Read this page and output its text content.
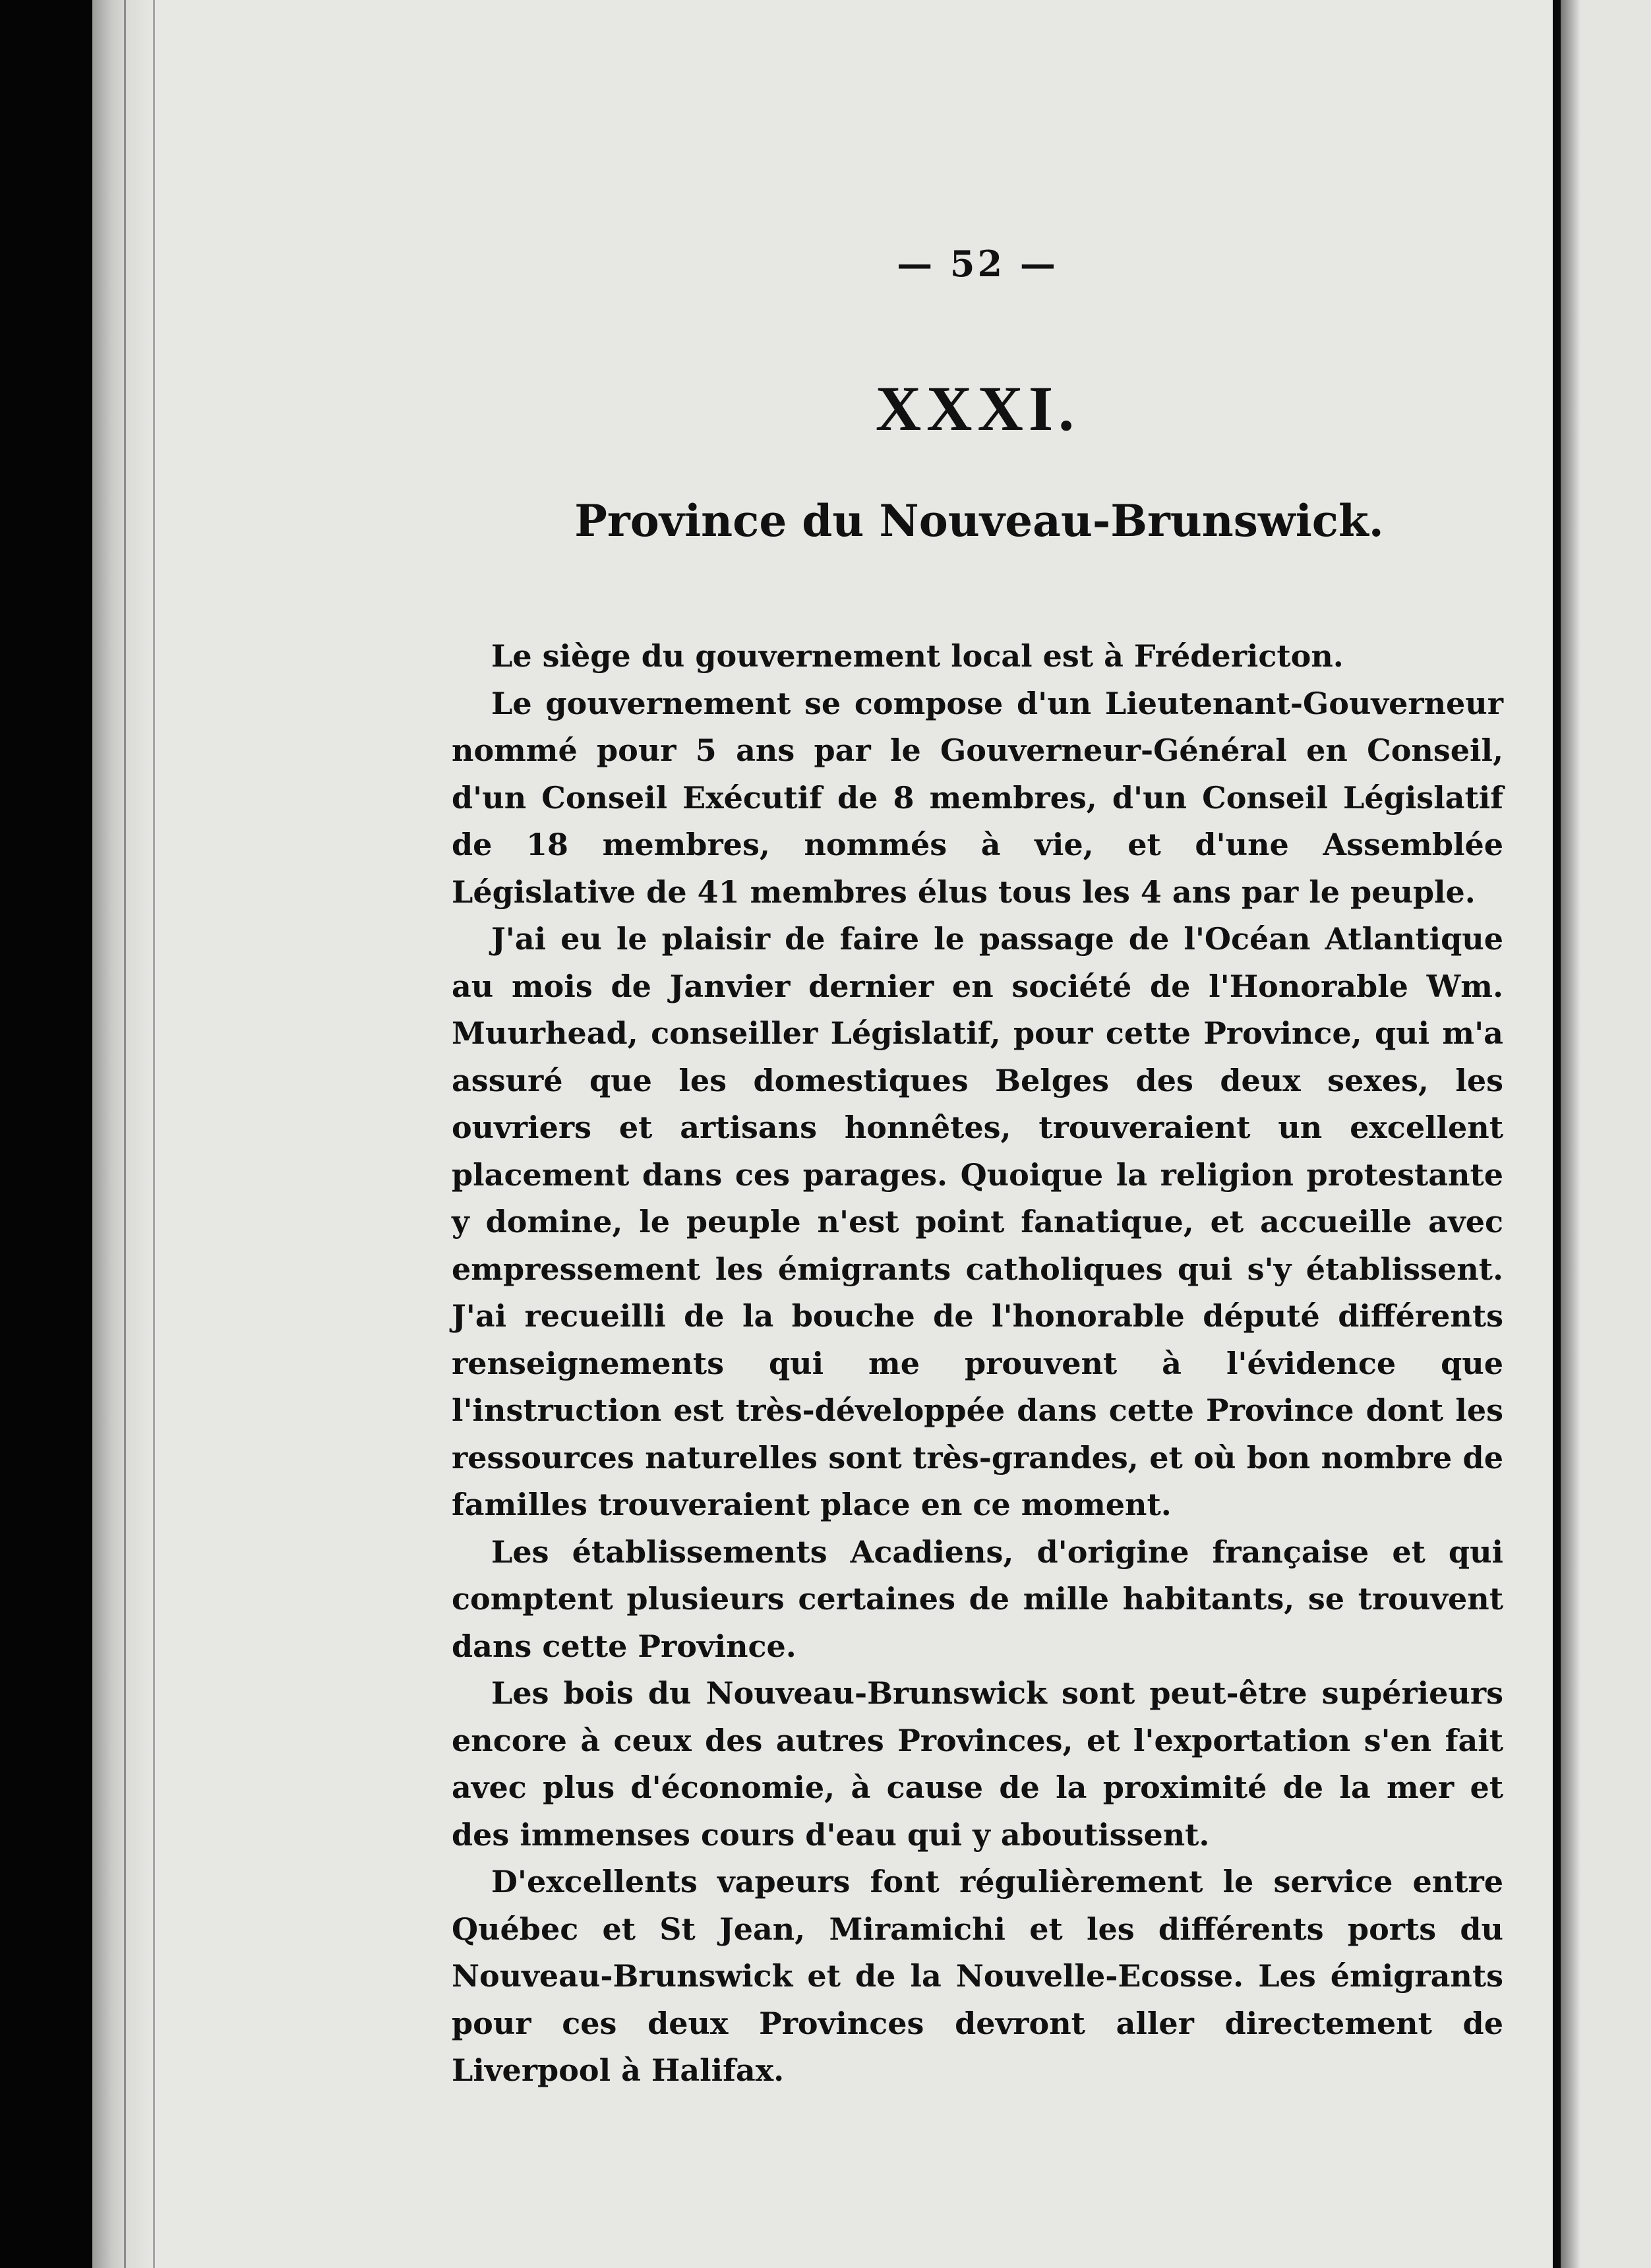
— 52 —
XXXI.
Province du Nouveau-Brunswick.

Le siège du gouvernement local est à Frédericton.

Le gouvernement se compose d'un Lieutenant-Gouverneur nommé pour 5 ans par le Gouverneur-Général en Conseil, d'un Conseil Exécutif de 8 membres, d'un Conseil Législatif de 18 membres, nommés à vie, et d'une Assemblée Législative de 41 membres élus tous les 4 ans par le peuple.

J'ai eu le plaisir de faire le passage de l'Océan Atlantique au mois de Janvier dernier en société de l'Honorable Wm. Muurhead, conseiller Législatif, pour cette Province, qui m'a assuré que les domestiques Belges des deux sexes, les ouvriers et artisans honnêtes, trouveraient un excellent placement dans ces parages. Quoique la religion protestante y domine, le peuple n'est point fanatique, et accueille avec empressement les émigrants catholiques qui s'y établissent. J'ai recueilli de la bouche de l'honorable député différents renseignements qui me prouvent à l'évidence que l'instruction est très-développée dans cette Province dont les ressources naturelles sont très-grandes, et où bon nombre de familles trouveraient place en ce moment.

Les établissements Acadiens, d'origine française et qui comptent plusieurs certaines de mille habitants, se trouvent dans cette Province.

Les bois du Nouveau-Brunswick sont peut-être supérieurs encore à ceux des autres Provinces, et l'exportation s'en fait avec plus d'économie, à cause de la proximité de la mer et des immenses cours d'eau qui y aboutissent.

D'excellents vapeurs font régulièrement le service entre Québec et St Jean, Miramichi et les différents ports du Nouveau-Brunswick et de la Nouvelle-Ecosse. Les émigrants pour ces deux Provinces devront aller directement de Liverpool à Halifax.
